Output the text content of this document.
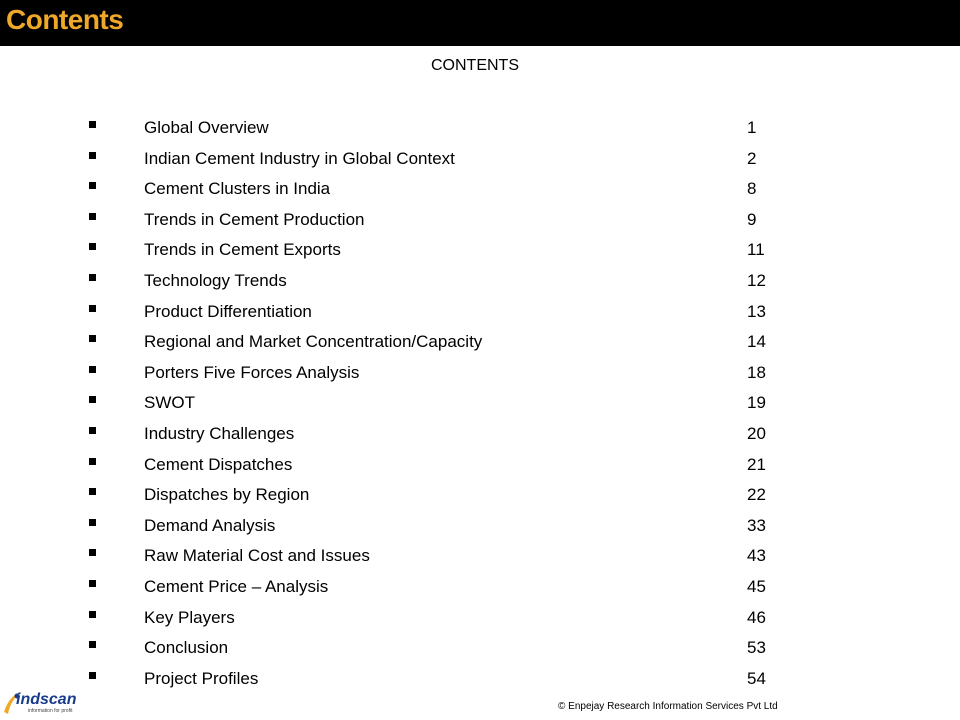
Contents
CONTENTS
Global Overview	1
Indian Cement Industry in Global Context	2
Cement Clusters in India	8
Trends in Cement Production	9
Trends in Cement Exports	11
Technology Trends	12
Product Differentiation	13
Regional and Market Concentration/Capacity	14
Porters Five Forces Analysis	18
SWOT	19
Industry Challenges	20
Cement Dispatches	21
Dispatches by Region	22
Demand Analysis	33
Raw Material Cost and Issues	43
Cement Price – Analysis	45
Key Players	46
Conclusion	53
Project Profiles	54
indscan
information for profit	© Enpejay Research Information Services Pvt Ltd
